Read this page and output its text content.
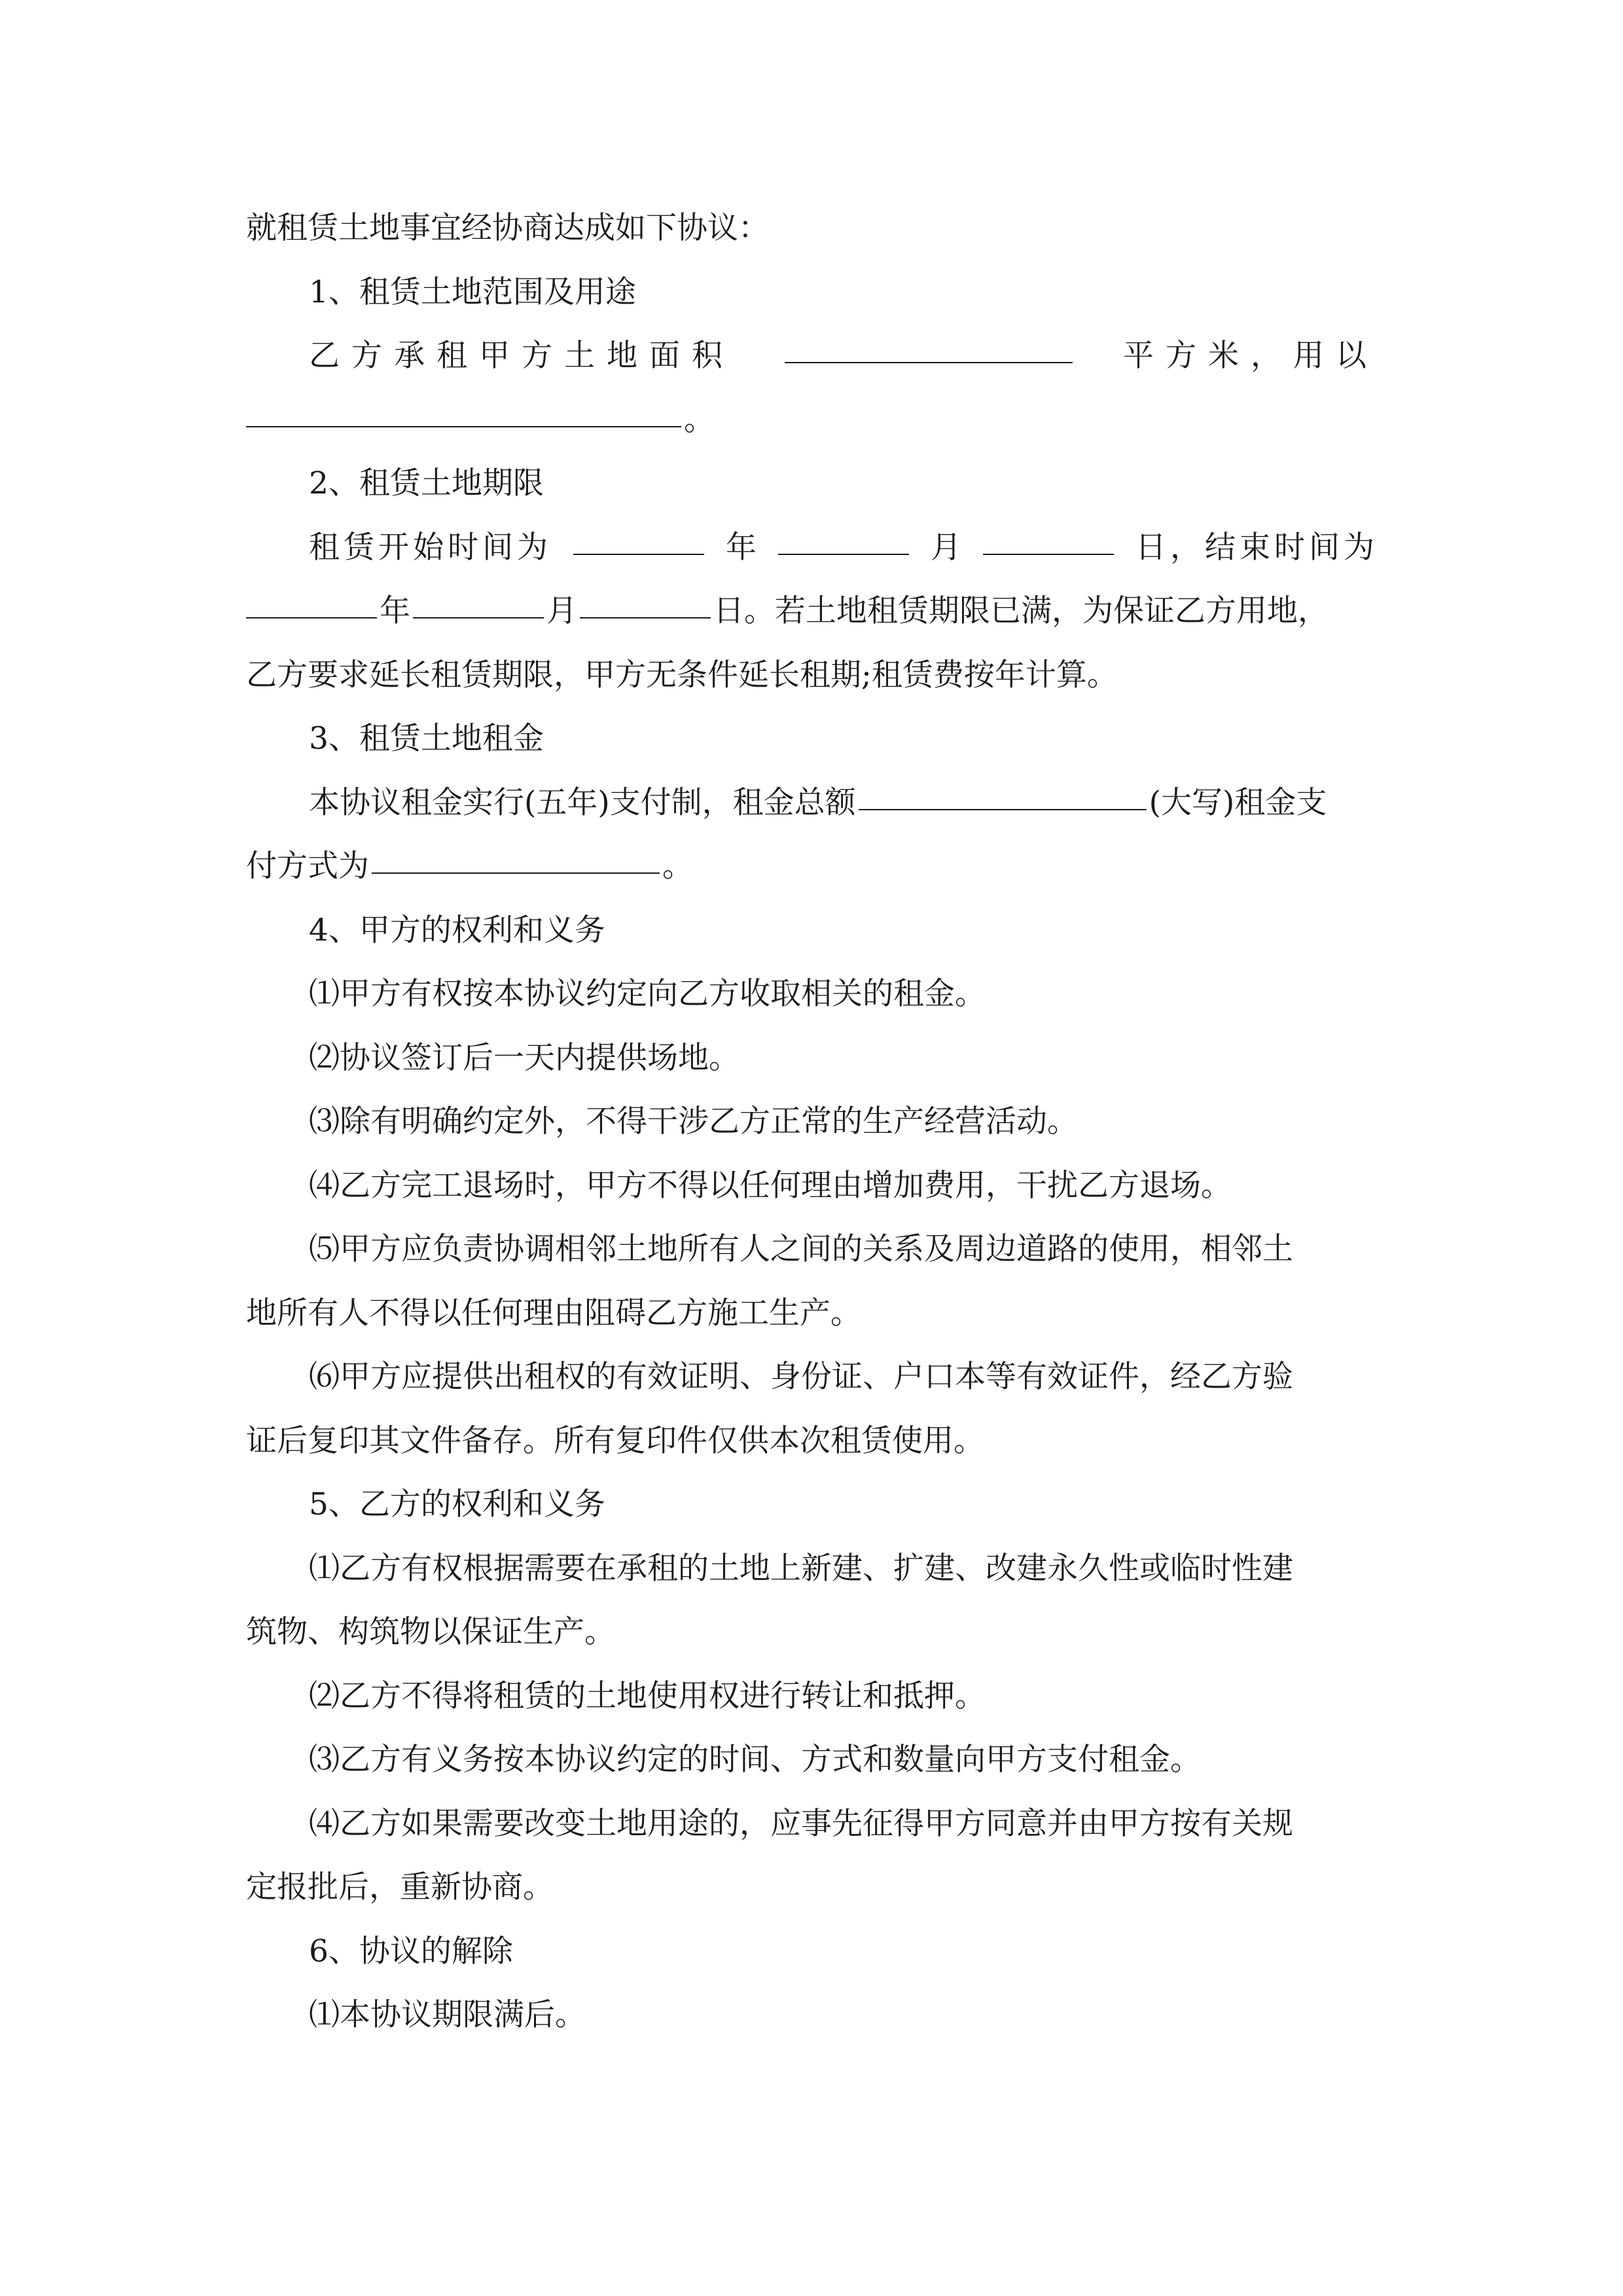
就租赁土地事宜经协商达成如下协议：
1、租赁土地范围及用途
乙方承租甲方土地面积	平方米，用以
。
2、租赁土地期限
租赁开始时间为	年	月	日，结束时间为
年	月	日。若土地租赁期限已满，为保证乙方用地，
乙方要求延长租赁期限，甲方无条件延长租期;租赁费按年计算。
3、租赁土地租金
本协议租金实行(五年)支付制，租金总额	(大写)租金支
付方式为	。
4、甲方的权利和义务
⑴甲方有权按本协议约定向乙方收取相关的租金。
⑵协议签订后一天内提供场地。
⑶除有明确约定外，不得干涉乙方正常的生产经营活动。
⑷乙方完工退场时，甲方不得以任何理由增加费用，干扰乙方退场。
⑸甲方应负责协调相邻土地所有人之间的关系及周边道路的使用，相邻土
地所有人不得以任何理由阻碍乙方施工生产。
⑹甲方应提供出租权的有效证明、身份证、户口本等有效证件，经乙方验
证后复印其文件备存。所有复印件仅供本次租赁使用。
5、乙方的权利和义务
⑴乙方有权根据需要在承租的土地上新建、扩建、改建永久性或临时性建
筑物、构筑物以保证生产。
⑵乙方不得将租赁的土地使用权进行转让和抵押。
⑶乙方有义务按本协议约定的时间、方式和数量向甲方支付租金。
⑷乙方如果需要改变土地用途的，应事先征得甲方同意并由甲方按有关规
定报批后，重新协商。
6、协议的解除
⑴本协议期限满后。
